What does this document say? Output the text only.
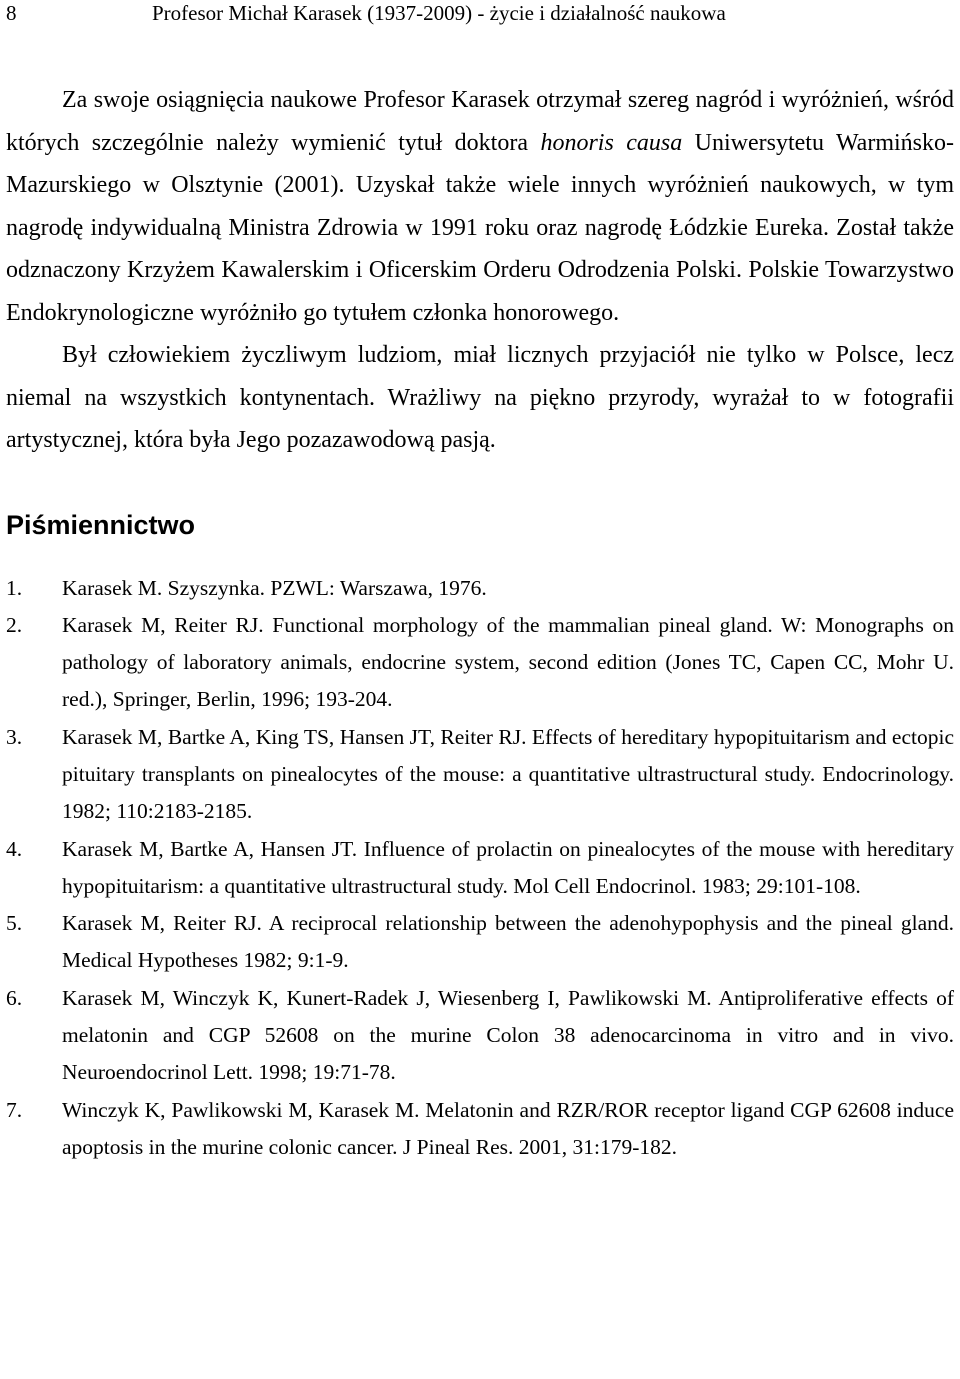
8	Profesor Michał Karasek (1937-2009) - życie i działalność naukowa

Za swoje osiągnięcia naukowe Profesor Karasek otrzymał szereg nagród i wyróżnień, wśród których szczególnie należy wymienić tytuł doktora honoris causa Uniwersytetu Warmińsko-Mazurskiego w Olsztynie (2001). Uzyskał także wiele innych wyróżnień naukowych, w tym nagrodę indywidualną Ministra Zdrowia w 1991 roku oraz nagrodę Łódzkie Eureka. Został także odznaczony Krzyżem Kawalerskim i Oficerskim Orderu Odrodzenia Polski. Polskie Towarzystwo Endokrynologiczne wyróżniło go tytułem członka honorowego.

Był człowiekiem życzliwym ludziom, miał licznych przyjaciół nie tylko w Polsce, lecz niemal na wszystkich kontynentach. Wrażliwy na piękno przyrody, wyrażał to w fotografii artystycznej, która była Jego pozazawodową pasją.

Piśmiennictwo
1. Karasek M. Szyszynka. PZWL: Warszawa, 1976.
2. Karasek M, Reiter RJ. Functional morphology of the mammalian pineal gland. W: Monographs on pathology of laboratory animals, endocrine system, second edition (Jones TC, Capen CC, Mohr U. red.), Springer, Berlin, 1996; 193-204.
3. Karasek M, Bartke A, King TS, Hansen JT, Reiter RJ. Effects of hereditary hypopituitarism and ectopic pituitary transplants on pinealocytes of the mouse: a quantitative ultrastructural study. Endocrinology. 1982; 110:2183-2185.
4. Karasek M, Bartke A, Hansen JT. Influence of prolactin on pinealocytes of the mouse with hereditary hypopituitarism: a quantitative ultrastructural study. Mol Cell Endocrinol. 1983; 29:101-108.
5. Karasek M, Reiter RJ. A reciprocal relationship between the adenohypophysis and the pineal gland. Medical Hypotheses 1982; 9:1-9.
6. Karasek M, Winczyk K, Kunert-Radek J, Wiesenberg I, Pawlikowski M. Antiproliferative effects of melatonin and CGP 52608 on the murine Colon 38 adenocarcinoma in vitro and in vivo. Neuroendocrinol Lett. 1998; 19:71-78.
7. Winczyk K, Pawlikowski M, Karasek M. Melatonin and RZR/ROR receptor ligand CGP 62608 induce apoptosis in the murine colonic cancer. J Pineal Res. 2001, 31:179-182.
